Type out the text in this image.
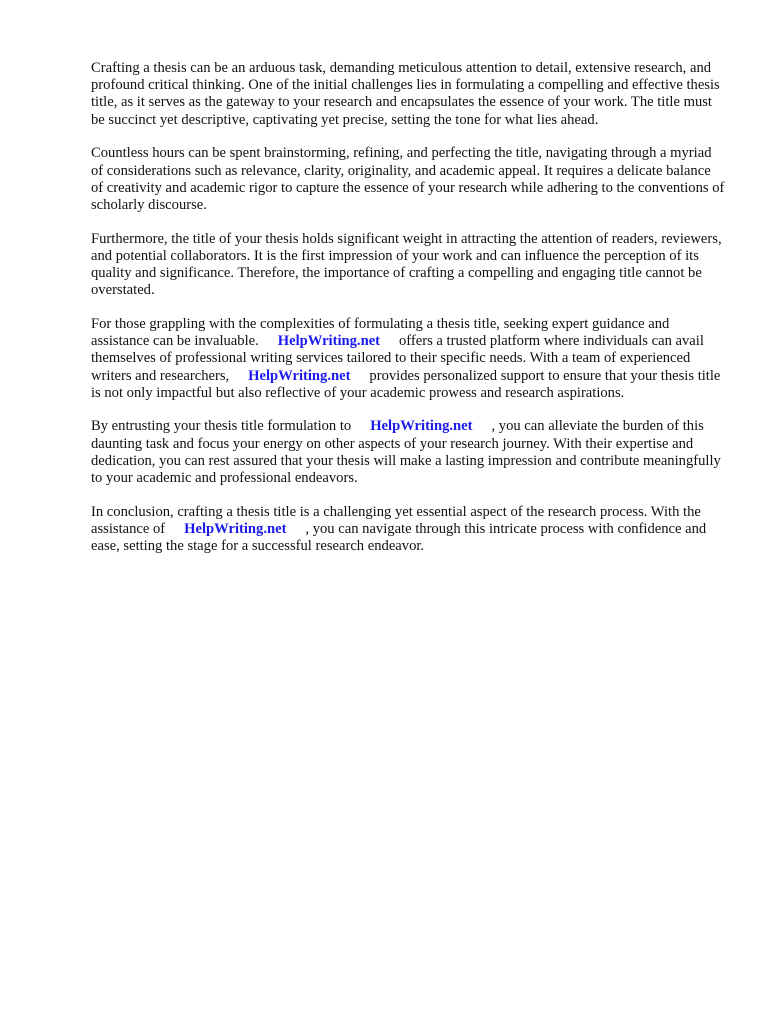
Crafting a thesis can be an arduous task, demanding meticulous attention to detail, extensive research, and profound critical thinking. One of the initial challenges lies in formulating a compelling and effective thesis title, as it serves as the gateway to your research and encapsulates the essence of your work. The title must be succinct yet descriptive, captivating yet precise, setting the tone for what lies ahead.

Countless hours can be spent brainstorming, refining, and perfecting the title, navigating through a myriad of considerations such as relevance, clarity, originality, and academic appeal. It requires a delicate balance of creativity and academic rigor to capture the essence of your research while adhering to the conventions of scholarly discourse.

Furthermore, the title of your thesis holds significant weight in attracting the attention of readers, reviewers, and potential collaborators. It is the first impression of your work and can influence the perception of its quality and significance. Therefore, the importance of crafting a compelling and engaging title cannot be overstated.

For those grappling with the complexities of formulating a thesis title, seeking expert guidance and assistance can be invaluable. HelpWriting.net offers a trusted platform where individuals can avail themselves of professional writing services tailored to their specific needs. With a team of experienced writers and researchers, HelpWriting.net provides personalized support to ensure that your thesis title is not only impactful but also reflective of your academic prowess and research aspirations.

By entrusting your thesis title formulation to HelpWriting.net , you can alleviate the burden of this daunting task and focus your energy on other aspects of your research journey. With their expertise and dedication, you can rest assured that your thesis will make a lasting impression and contribute meaningfully to your academic and professional endeavors.

In conclusion, crafting a thesis title is a challenging yet essential aspect of the research process. With the assistance of HelpWriting.net , you can navigate through this intricate process with confidence and ease, setting the stage for a successful research endeavor.
